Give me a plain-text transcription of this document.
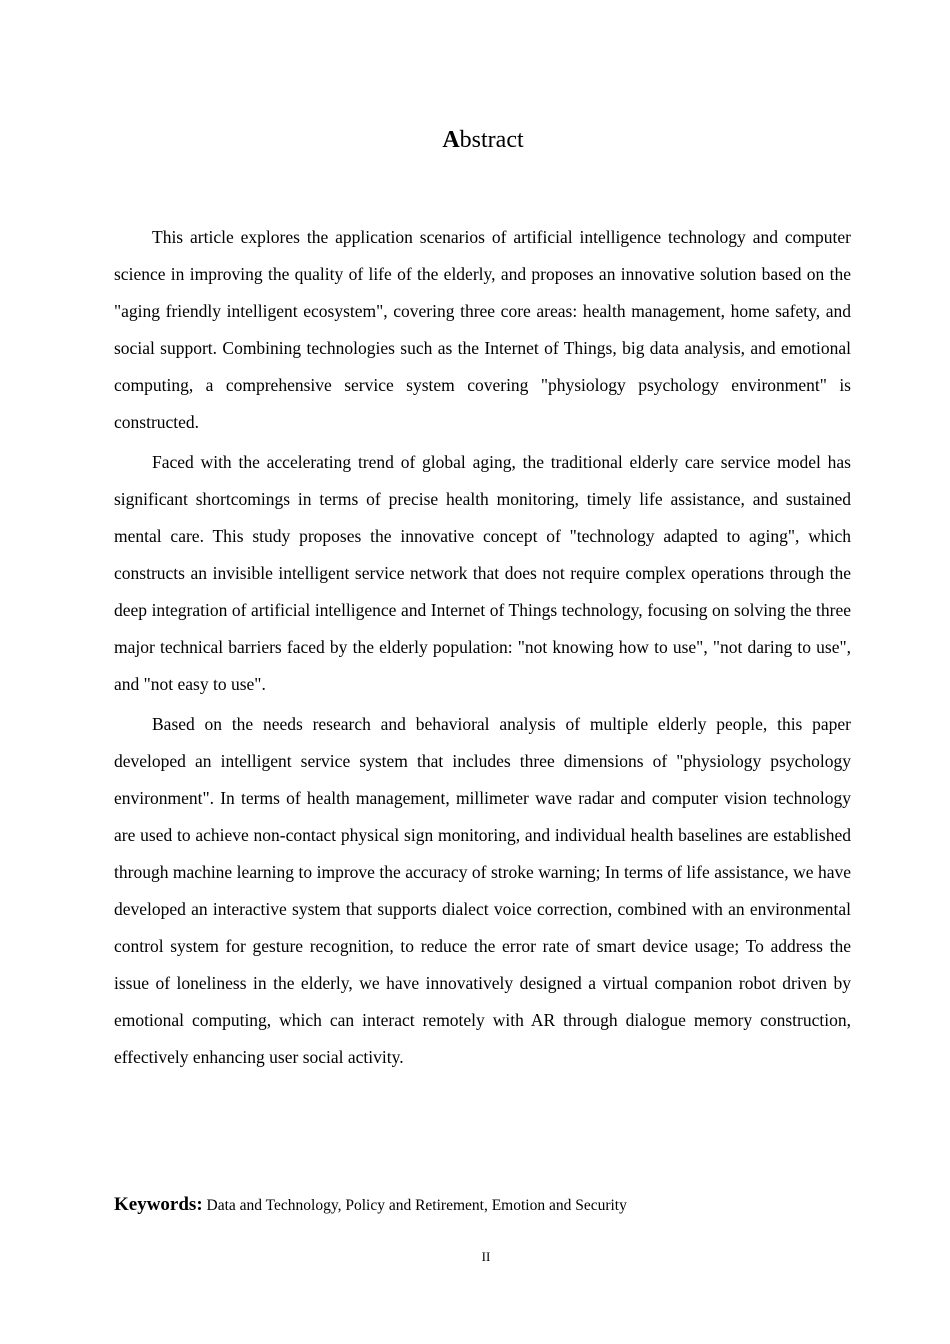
Abstract

This article explores the application scenarios of artificial intelligence technology and computer science in improving the quality of life of the elderly, and proposes an innovative solution based on the "aging friendly intelligent ecosystem", covering three core areas: health management, home safety, and social support. Combining technologies such as the Internet of Things, big data analysis, and emotional computing, a comprehensive service system covering "physiology psychology environment" is constructed.

Faced with the accelerating trend of global aging, the traditional elderly care service model has significant shortcomings in terms of precise health monitoring, timely life assistance, and sustained mental care. This study proposes the innovative concept of "technology adapted to aging", which constructs an invisible intelligent service network that does not require complex operations through the deep integration of artificial intelligence and Internet of Things technology, focusing on solving the three major technical barriers faced by the elderly population: "not knowing how to use", "not daring to use", and "not easy to use".

Based on the needs research and behavioral analysis of multiple elderly people, this paper developed an intelligent service system that includes three dimensions of "physiology psychology environment". In terms of health management, millimeter wave radar and computer vision technology are used to achieve non-contact physical sign monitoring, and individual health baselines are established through machine learning to improve the accuracy of stroke warning; In terms of life assistance, we have developed an interactive system that supports dialect voice correction, combined with an environmental control system for gesture recognition, to reduce the error rate of smart device usage; To address the issue of loneliness in the elderly, we have innovatively designed a virtual companion robot driven by emotional computing, which can interact remotely with AR through dialogue memory construction, effectively enhancing user social activity.

Keywords: Data and Technology, Policy and Retirement, Emotion and Security
II
